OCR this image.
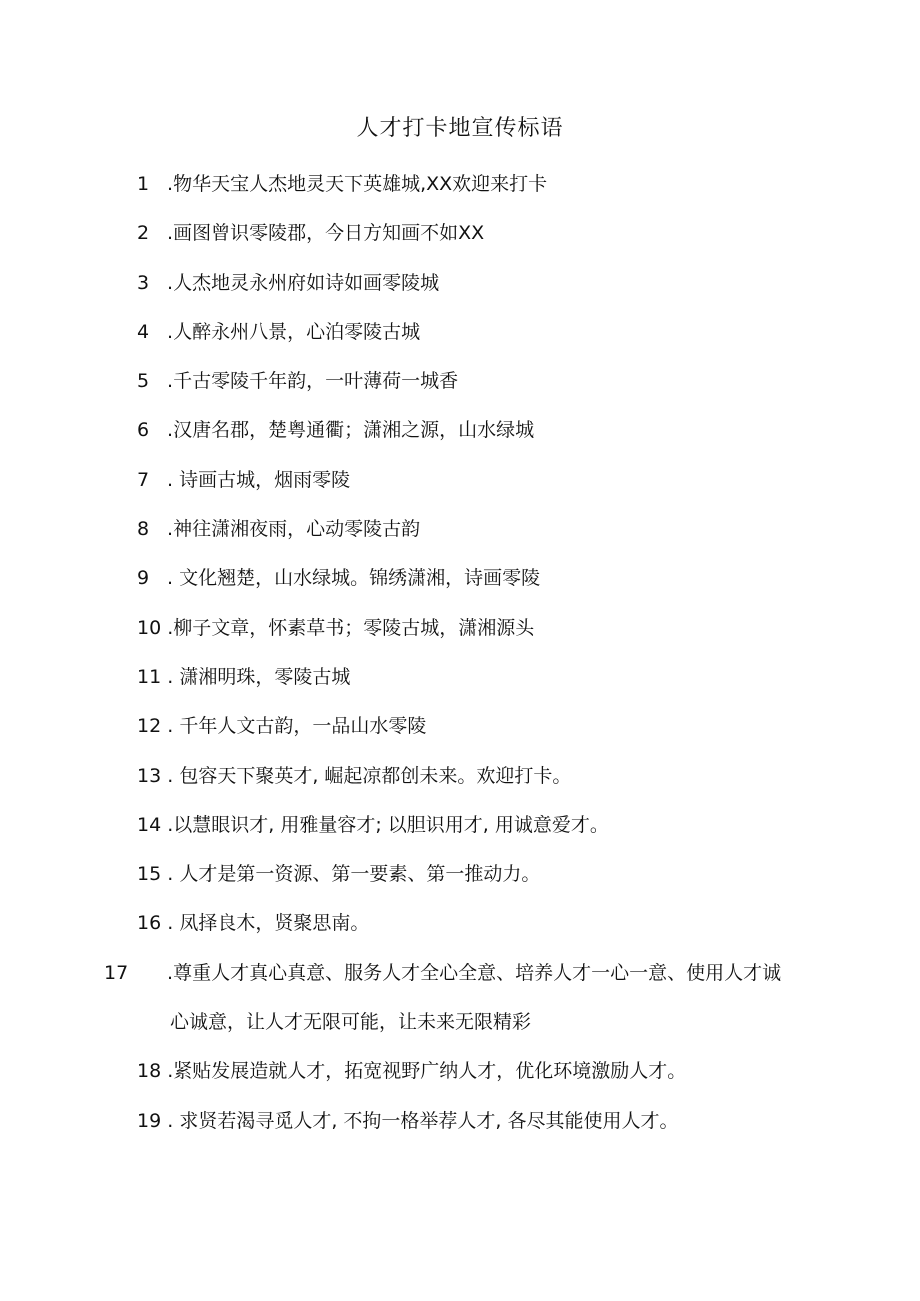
人才打卡地宣传标语
1 .物华天宝人杰地灵天下英雄城,XX欢迎来打卡
2 .画图曾识零陵郡，今日方知画不如XX
3 .人杰地灵永州府如诗如画零陵城
4 .人醉永州八景，心泊零陵古城
5 .千古零陵千年韵，一叶薄荷一城香
6 .汉唐名郡，楚粤通衢；潇湘之源，山水绿城
7 . 诗画古城，烟雨零陵
8 .神往潇湘夜雨，心动零陵古韵
9 . 文化翘楚，山水绿城。锦绣潇湘，诗画零陵
10 .柳子文章，怀素草书；零陵古城，潇湘源头
11 . 潇湘明珠，零陵古城
12 . 千年人文古韵，一品山水零陵
13 . 包容天下聚英才, 崛起凉都创未来。欢迎打卡。
14 .以慧眼识才, 用雅量容才; 以胆识用才, 用诚意爱才。
15 . 人才是第一资源、第一要素、第一推动力。
16 . 凤择良木，贤聚思南。
17 .尊重人才真心真意、服务人才全心全意、培养人才一心一意、使用人才诚心诚意，让人才无限可能，让未来无限精彩
18 .紧贴发展造就人才，拓宽视野广纳人才，优化环境激励人才。
19 . 求贤若渴寻觅人才, 不拘一格举荐人才, 各尽其能使用人才。
